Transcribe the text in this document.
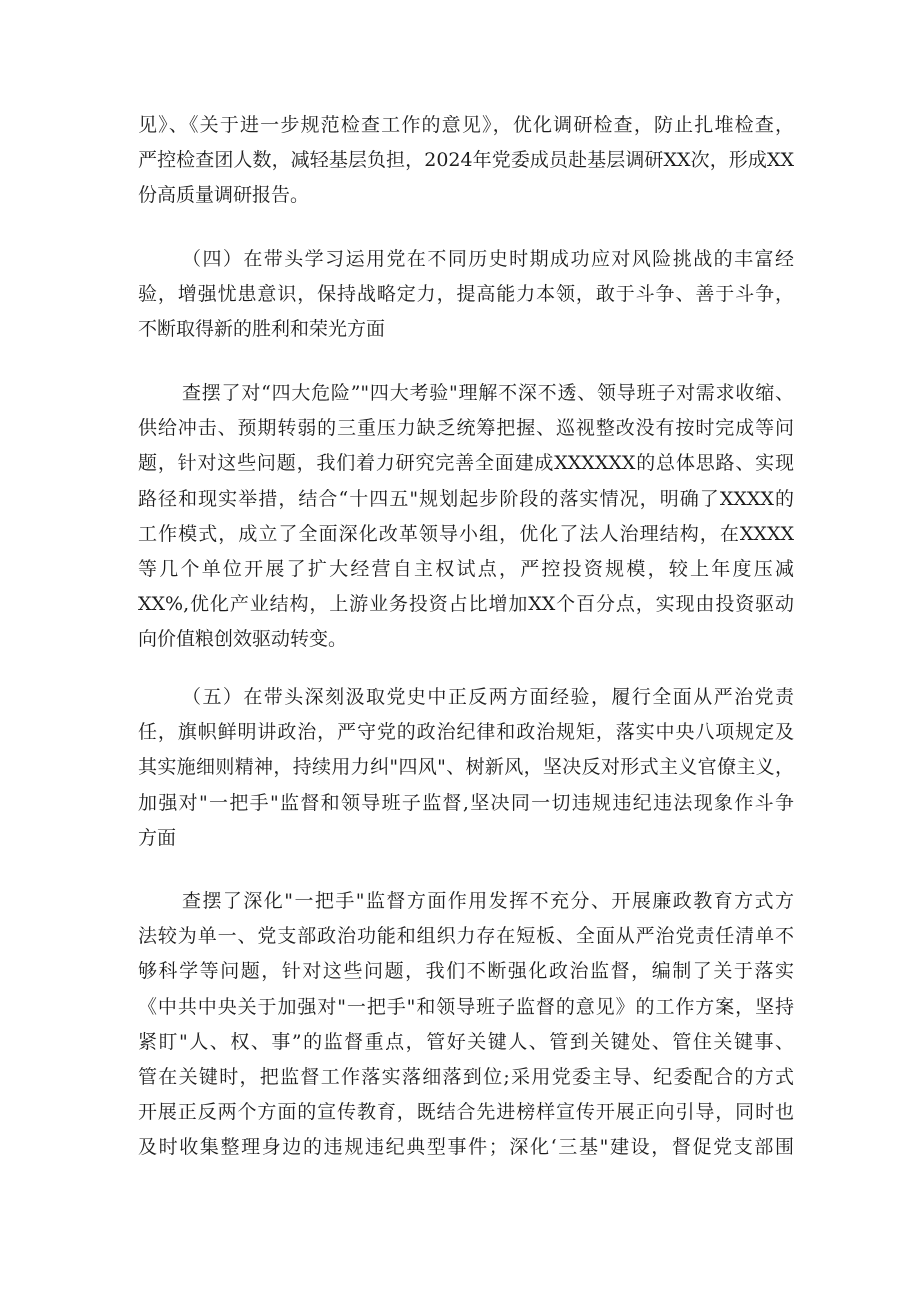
见》、《关于进一步规范检查工作的意见》，优化调研检查，防止扎堆检查，
严控检查团人数，减轻基层负担，2024年党委成员赴基层调研XX次，形成XX
份高质量调研报告。
（四）在带头学习运用党在不同历史时期成功应对风险挑战的丰富经
验，增强忧患意识，保持战略定力，提高能力本领，敢于斗争、善于斗争，
不断取得新的胜利和荣光方面
查摆了对“四大危险”"四大考验"理解不深不透、领导班子对需求收缩、
供给冲击、预期转弱的三重压力缺乏统筹把握、巡视整改没有按时完成等问
题，针对这些问题，我们着力研究完善全面建成XXXXXX的总体思路、实现
路径和现实举措，结合“十四五"规划起步阶段的落实情况，明确了XXXX的
工作模式，成立了全面深化改革领导小组，优化了法人治理结构，在XXXX
等几个单位开展了扩大经营自主权试点，严控投资规模，较上年度压减
XX%,优化产业结构，上游业务投资占比增加XX个百分点，实现由投资驱动
向价值粮创效驱动转变。
（五）在带头深刻汲取党史中正反两方面经验，履行全面从严治党责
任，旗帜鲜明讲政治，严守党的政治纪律和政治规矩，落实中央八项规定及
其实施细则精神，持续用力纠"四风"、树新风，坚决反对形式主义官僚主义，
加强对"一把手"监督和领导班子监督,坚决同一切违规违纪违法现象作斗争
方面
查摆了深化"一把手"监督方面作用发挥不充分、开展廉政教育方式方
法较为单一、党支部政治功能和组织力存在短板、全面从严治党责任清单不
够科学等问题，针对这些问题，我们不断强化政治监督，编制了关于落实
《中共中央关于加强对"一把手"和领导班子监督的意见》的工作方案，坚持
紧盯"人、权、事”的监督重点，管好关键人、管到关键处、管住关键事、
管在关键时，把监督工作落实落细落到位;采用党委主导、纪委配合的方式
开展正反两个方面的宣传教育，既结合先进榜样宣传开展正向引导，同时也
及时收集整理身边的违规违纪典型事件；深化‘三基"建设，督促党支部围
